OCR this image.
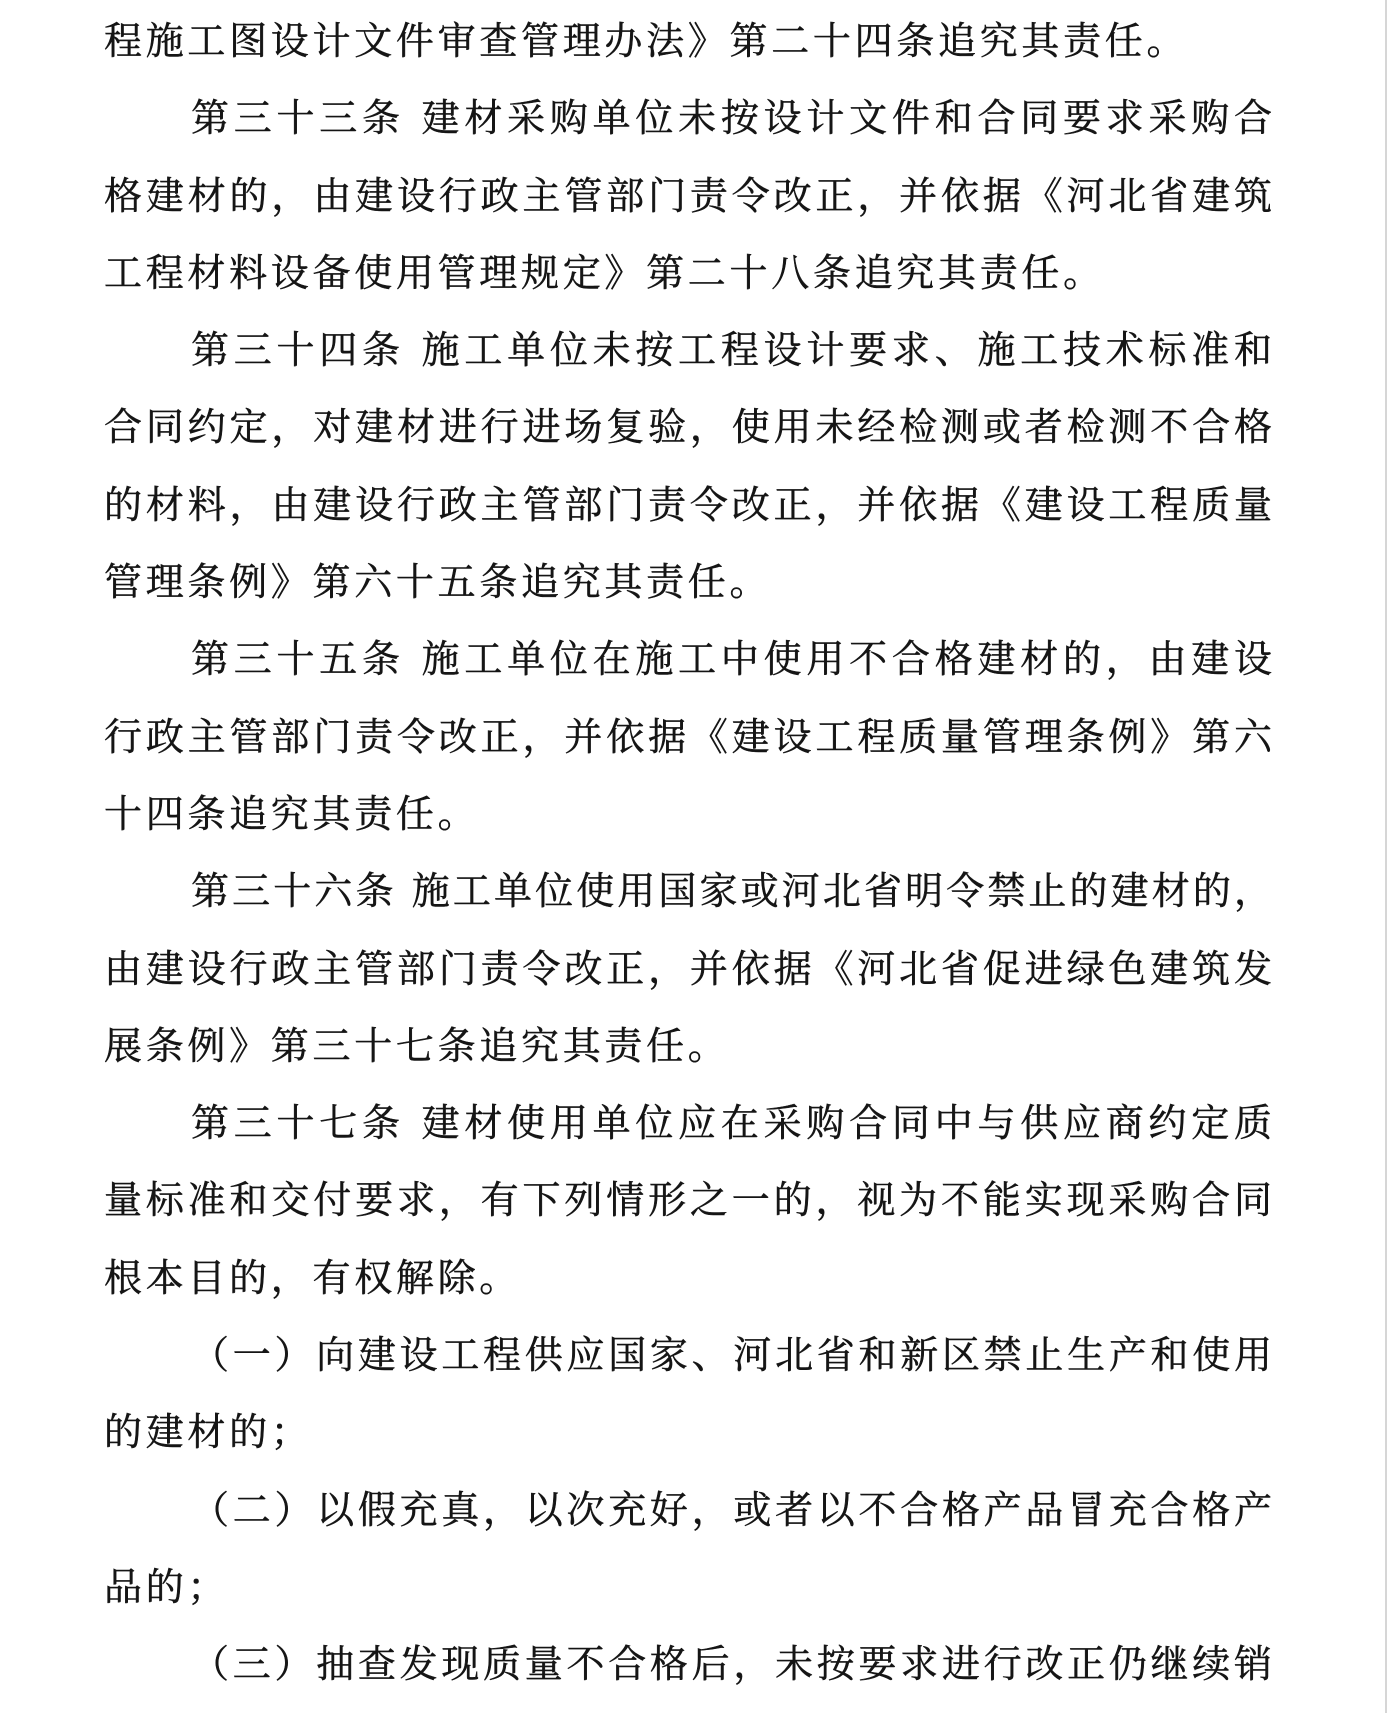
程施工图设计文件审查管理办法》第二十四条追究其责任。
第三十三条 建材采购单位未按设计文件和合同要求采购合
格建材的，由建设行政主管部门责令改正，并依据《河北省建筑
工程材料设备使用管理规定》第二十八条追究其责任。
第三十四条 施工单位未按工程设计要求、施工技术标准和
合同约定，对建材进行进场复验，使用未经检测或者检测不合格
的材料，由建设行政主管部门责令改正，并依据《建设工程质量
管理条例》第六十五条追究其责任。
第三十五条 施工单位在施工中使用不合格建材的，由建设
行政主管部门责令改正，并依据《建设工程质量管理条例》第六
十四条追究其责任。
第三十六条 施工单位使用国家或河北省明令禁止的建材的，
由建设行政主管部门责令改正，并依据《河北省促进绿色建筑发
展条例》第三十七条追究其责任。
第三十七条 建材使用单位应在采购合同中与供应商约定质
量标准和交付要求，有下列情形之一的，视为不能实现采购合同
根本目的，有权解除。
（一）向建设工程供应国家、河北省和新区禁止生产和使用
的建材的；
（二）以假充真，以次充好，或者以不合格产品冒充合格产
品的；
（三）抽查发现质量不合格后，未按要求进行改正仍继续销
